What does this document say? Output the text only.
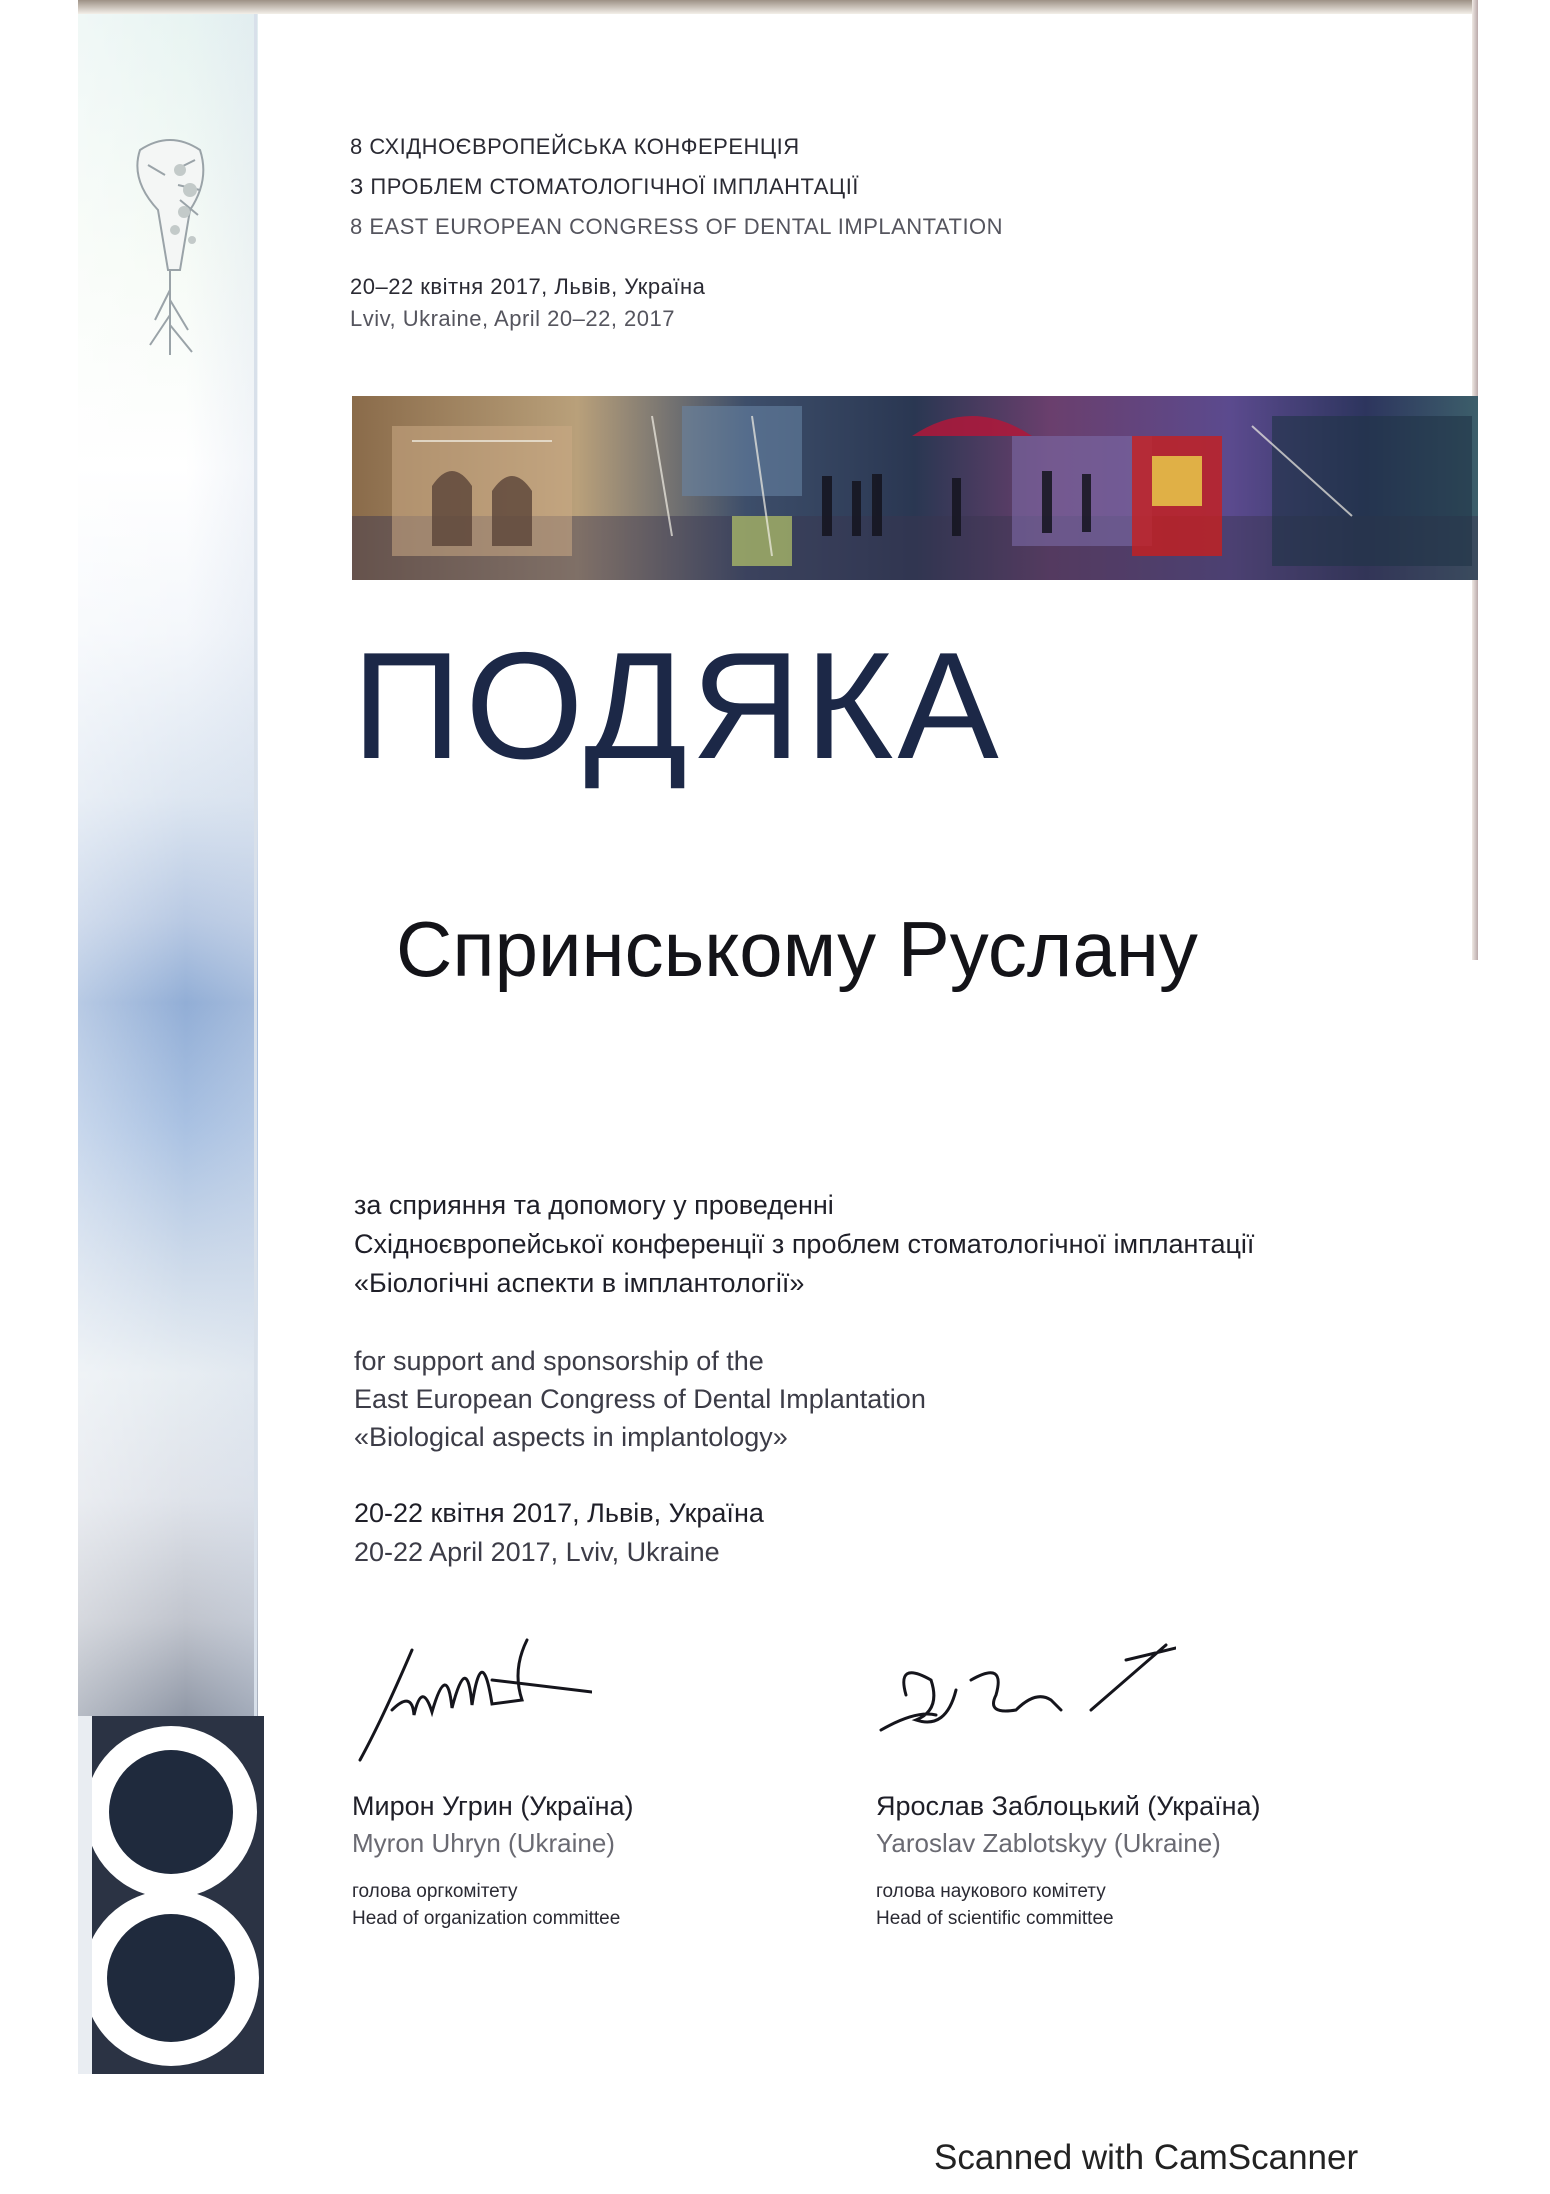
8 СХІДНОЄВРОПЕЙСЬКА КОНФЕРЕНЦІЯ
З ПРОБЛЕМ СТОМАТОЛОГІЧНОЇ ІМПЛАНТАЦІЇ
8 EAST EUROPEAN CONGRESS OF DENTAL IMPLANTATION
20–22 квітня 2017, Львів, Україна
Lviv, Ukraine, April 20–22, 2017
ПОДЯКА
Спринському Руслану
за сприяння та допомогу у проведенні
Східноєвропейської конференції з проблем стоматологічної імплантації
«Біологічні аспекти в імплантології»
for support and sponsorship of the
East European Congress of Dental Implantation
«Biological aspects in implantology»
20-22 квітня 2017, Львів, Україна
20-22 April 2017, Lviv, Ukraine
Мирон Угрин (Україна)
Myron Uhryn (Ukraine)
голова оргкомітету
Head of organization committee
Ярослав Заблоцький (Україна)
Yaroslav Zablotskyy (Ukraine)
голова наукового комітету
Head of scientific committee
Scanned with CamScanner
